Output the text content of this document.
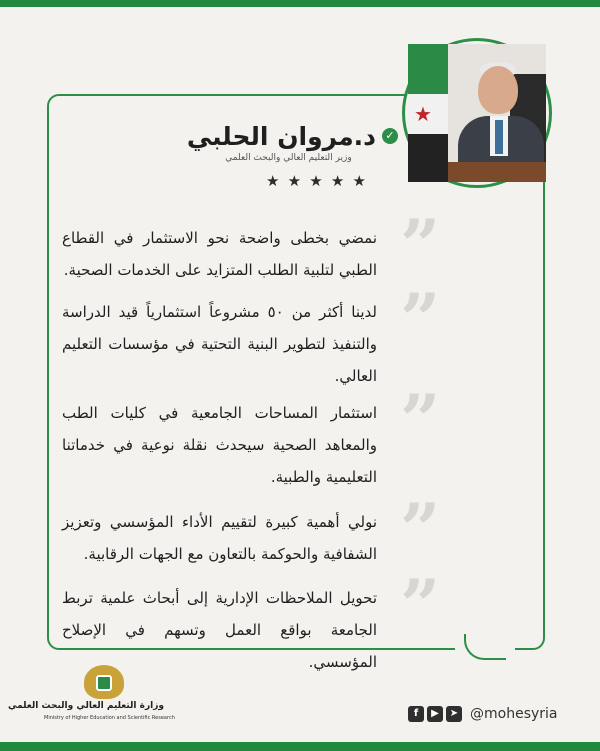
★
✓
د.مروان الحلبي
وزير التعليم العالي والبحث العلمي
★ ★ ★ ★ ★
”
نمضي بخطى واضحة نحو الاستثمار في القطاع الطبي لتلبية الطلب المتزايد على الخدمات الصحية.
”
لدينا أكثر من ٥٠ مشروعاً استثمارياً قيد الدراسة والتنفيذ لتطوير البنية التحتية في مؤسسات التعليم العالي.
”
استثمار المساحات الجامعية في كليات الطب والمعاهد الصحية سيحدث نقلة نوعية في خدماتنا التعليمية والطبية.
”
نولي أهمية كبيرة لتقييم الأداء المؤسسي وتعزيز الشفافية والحوكمة بالتعاون مع الجهات الرقابية.
”
تحويل الملاحظات الإدارية إلى أبحاث علمية تربط الجامعة بواقع العمل وتسهم في الإصلاح المؤسسي.
وزارة التعليم العالي والبحث العلمي
Ministry of Higher Education and Scientific Research	f	▶	➤ @mohesyria
